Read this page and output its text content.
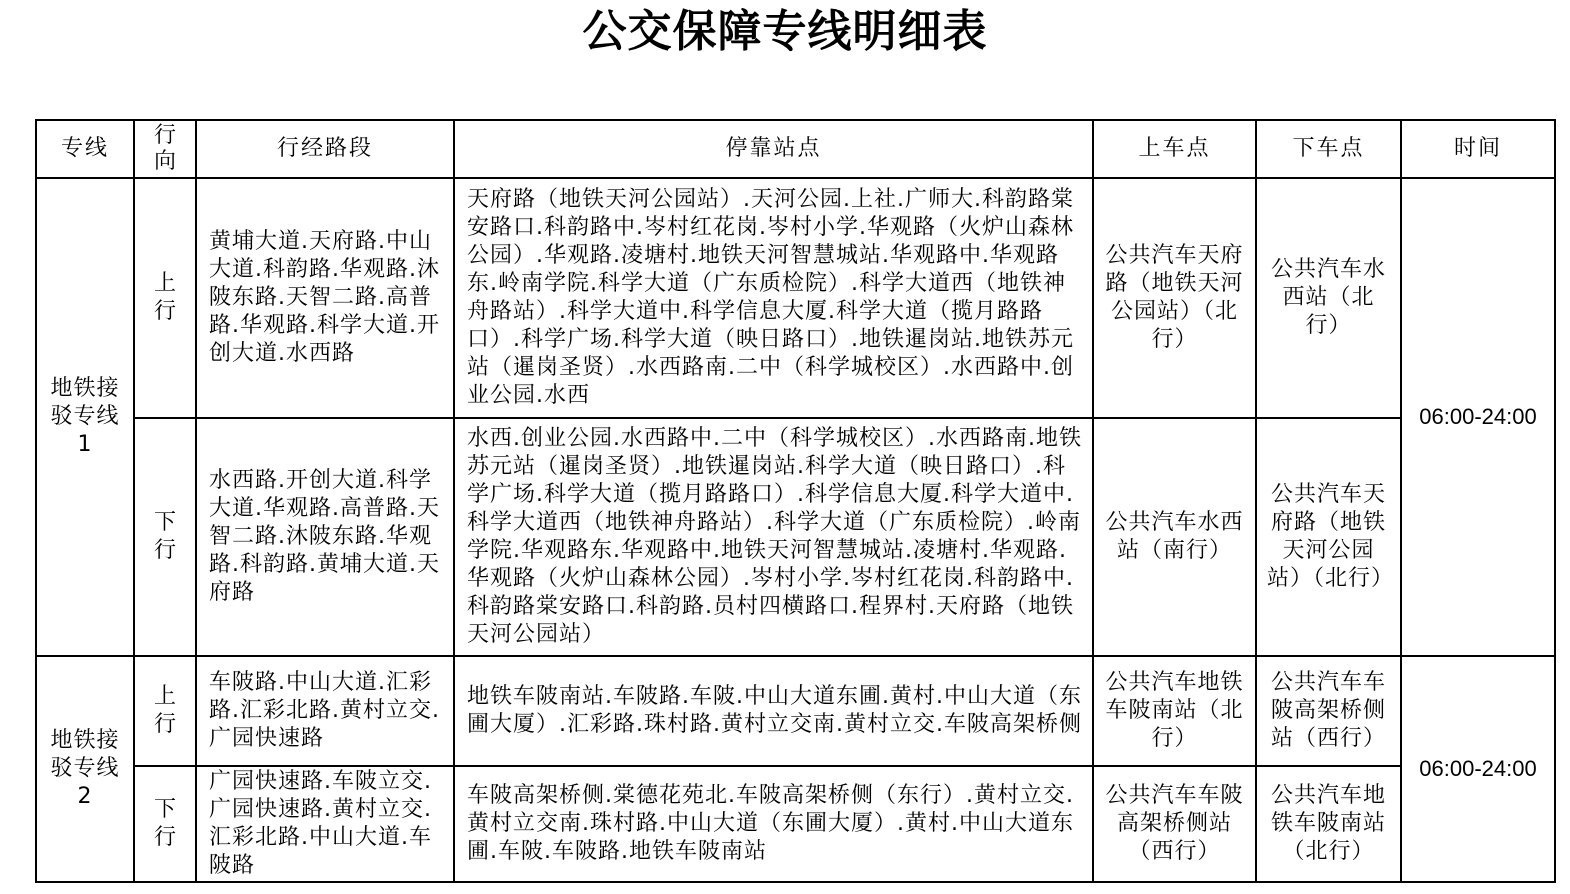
公交保障专线明细表
专线	行向	行经路段	停靠站点	上车点	下车点	时间
地铁接驳专线1	上行	黄埔大道.天府路.中山大道.科韵路.华观路.沐陂东路.天智二路.高普路.华观路.科学大道.开创大道.水西路	天府路（地铁天河公园站）.天河公园.上社.广师大.科韵路棠安路口.科韵路中.岑村红花岗.岑村小学.华观路（火炉山森林公园）.华观路.凌塘村.地铁天河智慧城站.华观路中.华观路东.岭南学院.科学大道（广东质检院）.科学大道西（地铁神舟路站）.科学大道中.科学信息大厦.科学大道（揽月路路口）.科学广场.科学大道（映日路口）.地铁暹岗站.地铁苏元站（暹岗圣贤）.水西路南.二中（科学城校区）.水西路中.创业公园.水西	公共汽车天府路（地铁天河公园站）（北行）	公共汽车水西站（北行）	06:00-24:00
	下行	水西路.开创大道.科学大道.华观路.高普路.天智二路.沐陂东路.华观路.科韵路.黄埔大道.天府路	水西.创业公园.水西路中.二中（科学城校区）.水西路南.地铁苏元站（暹岗圣贤）.地铁暹岗站.科学大道（映日路口）.科学广场.科学大道（揽月路路口）.科学信息大厦.科学大道中.科学大道西（地铁神舟路站）.科学大道（广东质检院）.岭南学院.华观路东.华观路中.地铁天河智慧城站.凌塘村.华观路.华观路（火炉山森林公园）.岑村小学.岑村红花岗.科韵路中.科韵路棠安路口.科韵路.员村四横路口.程界村.天府路（地铁天河公园站）	公共汽车水西站（南行）	公共汽车天府路（地铁天河公园站）（北行）	
地铁接驳专线2	上行	车陂路.中山大道.汇彩路.汇彩北路.黄村立交.广园快速路	地铁车陂南站.车陂路.车陂.中山大道东圃.黄村.中山大道（东圃大厦）.汇彩路.珠村路.黄村立交南.黄村立交.车陂高架桥侧	公共汽车地铁车陂南站（北行）	公共汽车车陂高架桥侧站（西行）	06:00-24:00
	下行	广园快速路.车陂立交.广园快速路.黄村立交.汇彩北路.中山大道.车陂路	车陂高架桥侧.棠德花苑北.车陂高架桥侧（东行）.黄村立交.黄村立交南.珠村路.中山大道（东圃大厦）.黄村.中山大道东圃.车陂.车陂路.地铁车陂南站	公共汽车车陂高架桥侧站（西行）	公共汽车地铁车陂南站（北行）	
